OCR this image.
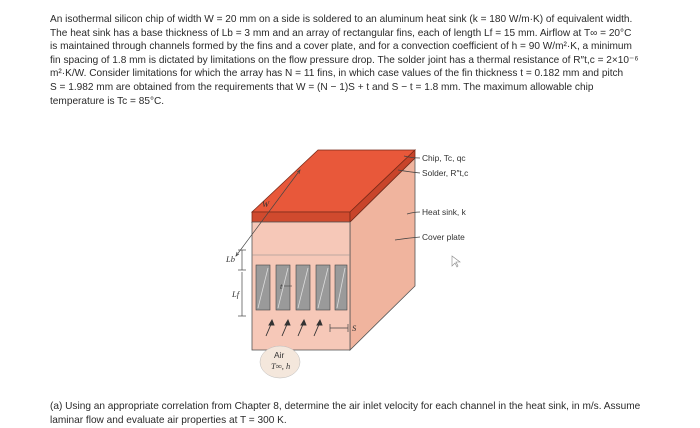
An isothermal silicon chip of width W = 20 mm on a side is soldered to an aluminum heat sink (k = 180 W/m·K) of equivalent width.
The heat sink has a base thickness of Lb = 3 mm and an array of rectangular fins, each of length Lf = 15 mm. Airflow at T∞ = 20°C
is maintained through channels formed by the fins and a cover plate, and for a convection coefficient of h = 90 W/m²·K, a minimum
fin spacing of 1.8 mm is dictated by limitations on the flow pressure drop. The solder joint has a thermal resistance of R″t,c = 2×10⁻⁶
m²·K/W. Consider limitations for which the array has N = 11 fins, in which case values of the fin thickness t = 0.182 mm and pitch
S = 1.982 mm are obtained from the requirements that W = (N − 1)S + t and S − t = 1.8 mm. The maximum allowable chip
temperature is Tc = 85°C.
W
Lb
Lf
t
S
Air
T∞, h
Chip, Tc, qc
Solder, R″t,c
Heat sink, k
Cover plate
(a) Using an appropriate correlation from Chapter 8, determine the air inlet velocity for each channel in the heat sink, in m/s. Assume
laminar flow and evaluate air properties at T = 300 K.
